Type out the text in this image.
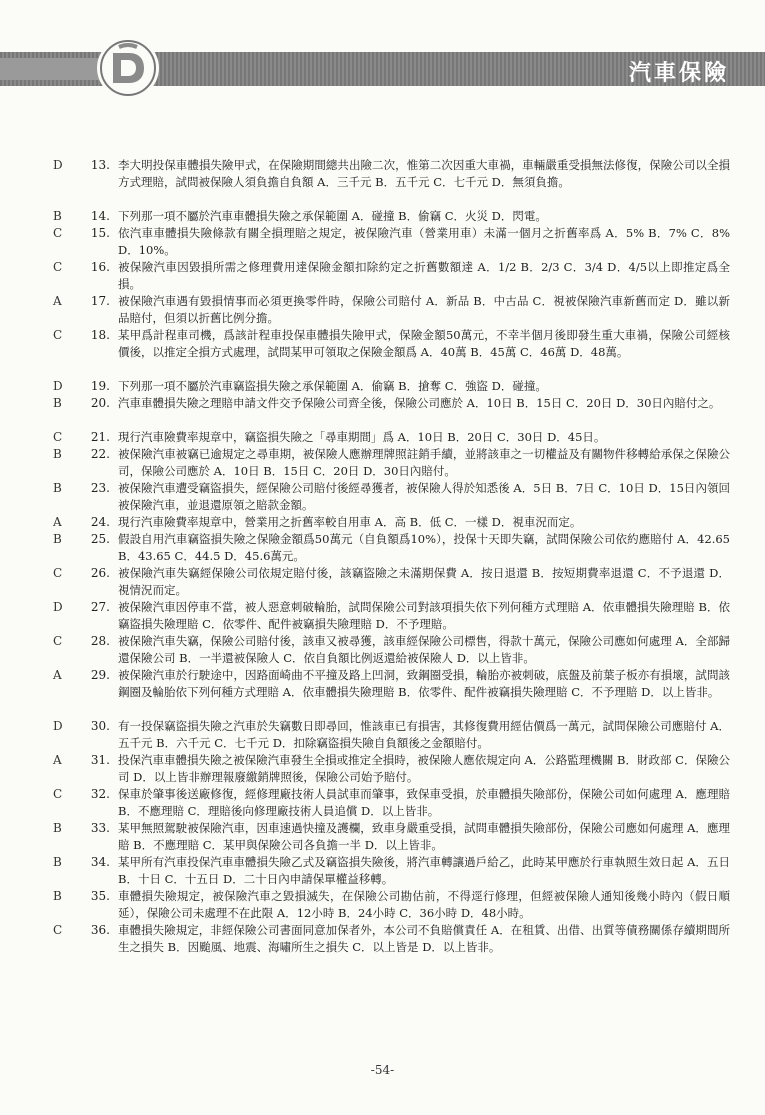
汽車保險
D	13. 李大明投保車體損失險甲式，在保險期間總共出險二次，惟第二次因重大車禍，車輛嚴重受損無法修復，保險公司以全損方式理賠，試問被保險人須負擔自負額 A．三千元 B．五千元 C．七千元 D．無須負擔。
B	14. 下列那一項不屬於汽車車體損失險之承保範圍 A．碰撞 B．偷竊 C．火災 D．閃電。
C	15. 依汽車車體損失險條款有關全損理賠之規定，被保險汽車（營業用車）未滿一個月之折舊率爲 A．5% B．7% C．8% D．10%。
C	16. 被保險汽車因毀損所需之修理費用達保險金額扣除約定之折舊數額達 A．1/2 B．2/3 C．3/4 D．4/5以上即推定爲全損。
A	17. 被保險汽車遇有毀損情事而必須更換零件時，保險公司賠付 A．新品 B．中古品 C．視被保險汽車新舊而定 D．雖以新品賠付，但須以折舊比例分擔。
C	18. 某甲爲計程車司機，爲該計程車投保車體損失險甲式，保險金額50萬元，不幸半個月後即發生重大車禍，保險公司經核價後，以推定全損方式處理，試問某甲可領取之保險金額爲 A．40萬 B．45萬 C．46萬 D．48萬。
D	19. 下列那一項不屬於汽車竊盜損失險之承保範圍 A．偷竊 B．搶奪 C．強盜 D．碰撞。
B	20. 汽車車體損失險之理賠申請文件交予保險公司齊全後，保險公司應於 A．10日 B．15日 C．20日 D．30日內賠付之。
C	21. 現行汽車險費率規章中，竊盜損失險之「尋車期間」爲 A．10日 B．20日 C．30日 D．45日。
B	22. 被保險汽車被竊已逾規定之尋車期，被保險人應辦理牌照註銷手續，並將該車之一切權益及有關物件移轉給承保之保險公司，保險公司應於 A．10日 B．15日 C．20日 D．30日內賠付。
B	23. 被保險汽車遭受竊盜損失，經保險公司賠付後經尋獲者，被保險人得於知悉後 A．5日 B．7日 C．10日 D．15日內領回被保險汽車，並退還原領之賠款金額。
A	24. 現行汽車險費率規章中，營業用之折舊率較自用車 A．高 B．低 C．一樣 D．視車況而定。
B	25. 假設自用汽車竊盜損失險之保險金額爲50萬元（自負額爲10%），投保十天即失竊，試問保險公司依約應賠付 A．42.65 B．43.65 C．44.5 D．45.6萬元。
C	26. 被保險汽車失竊經保險公司依規定賠付後，該竊盜險之未滿期保費 A．按日退還 B．按短期費率退還 C．不予退還 D．視情況而定。
D	27. 被保險汽車因停車不當，被人惡意刺破輪胎，試問保險公司對該項損失依下列何種方式理賠 A．依車體損失險理賠 B．依竊盜損失險理賠 C．依零件、配件被竊損失險理賠 D．不予理賠。
C	28. 被保險汽車失竊，保險公司賠付後，該車又被尋獲，該車經保險公司標售，得款十萬元，保險公司應如何處理 A．全部歸還保險公司 B．一半還被保險人 C．依自負額比例返還給被保險人 D．以上皆非。
A	29. 被保險汽車於行駛途中，因路面崎曲不平撞及路上凹洞，致鋼圈受損，輪胎亦被刺破，底盤及前葉子板亦有損壞，試問該鋼圈及輪胎依下列何種方式理賠 A．依車體損失險理賠 B．依零件、配件被竊損失險理賠 C．不予理賠 D．以上皆非。
D	30. 有一投保竊盜損失險之汽車於失竊數日即尋回，惟該車已有損害，其修復費用經估價爲一萬元，試問保險公司應賠付 A．五千元 B．六千元 C．七千元 D．扣除竊盜損失險自負額後之金額賠付。
A	31. 投保汽車車體損失險之被保險汽車發生全損或推定全損時，被保險人應依規定向 A．公路監理機關 B．財政部 C．保險公司 D．以上皆非辦理報廢繳銷牌照後，保險公司始予賠付。
C	32. 保車於肇事後送廠修復，經修理廠技術人員試車而肇事，致保車受損，於車體損失險部份，保險公司如何處理 A．應理賠 B．不應理賠 C．理賠後向修理廠技術人員追償 D．以上皆非。
B	33. 某甲無照駕駛被保險汽車，因車速過快撞及護欄，致車身嚴重受損，試問車體損失險部份，保險公司應如何處理 A．應理賠 B．不應理賠 C．某甲與保險公司各負擔一半 D．以上皆非。
B	34. 某甲所有汽車投保汽車車體損失險乙式及竊盜損失險後，將汽車轉讓過戶給乙，此時某甲應於行車執照生效日起 A．五日 B．十日 C．十五日 D．二十日內申請保單權益移轉。
B	35. 車體損失險規定，被保險汽車之毀損滅失，在保險公司勘估前，不得逕行修理，但經被保險人通知後幾小時內（假日順延），保險公司未處理不在此限 A．12小時 B．24小時 C．36小時 D．48小時。
C	36. 車體損失險規定，非經保險公司書面同意加保者外，本公司不負賠償責任 A．在租賃、出借、出質等債務關係存續期間所生之損失 B．因颱風、地震、海嘯所生之損失 C．以上皆是 D．以上皆非。
-54-
